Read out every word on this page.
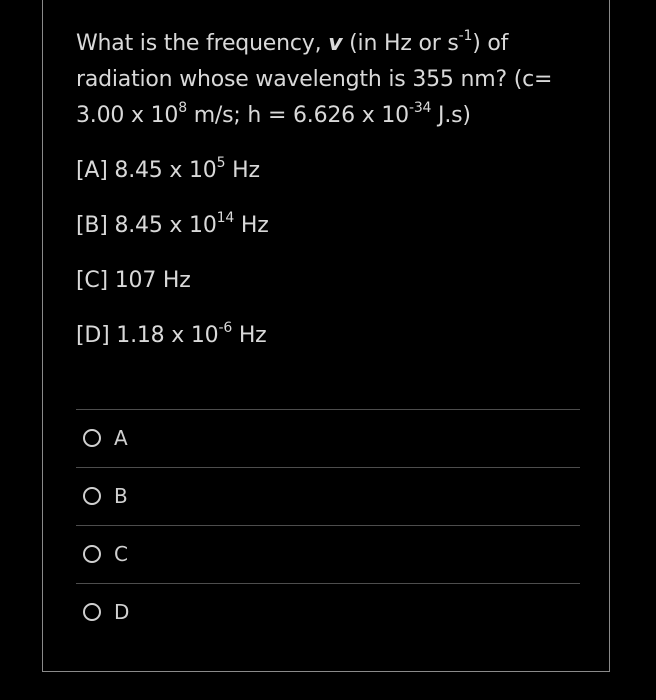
What is the frequency, v (in Hz or $s^{-1}$) of radiation whose wavelength is 355 nm? (c= 3.00 x $10^8$ m/s; h = 6.626 x $10^{-34}$ J.s)
[A] 8.45 x $10^5$ Hz
[B] 8.45 x $10^{14}$ Hz
[C] 107 Hz
[D] 1.18 x $10^{-6}$ Hz
A
B
C
D
